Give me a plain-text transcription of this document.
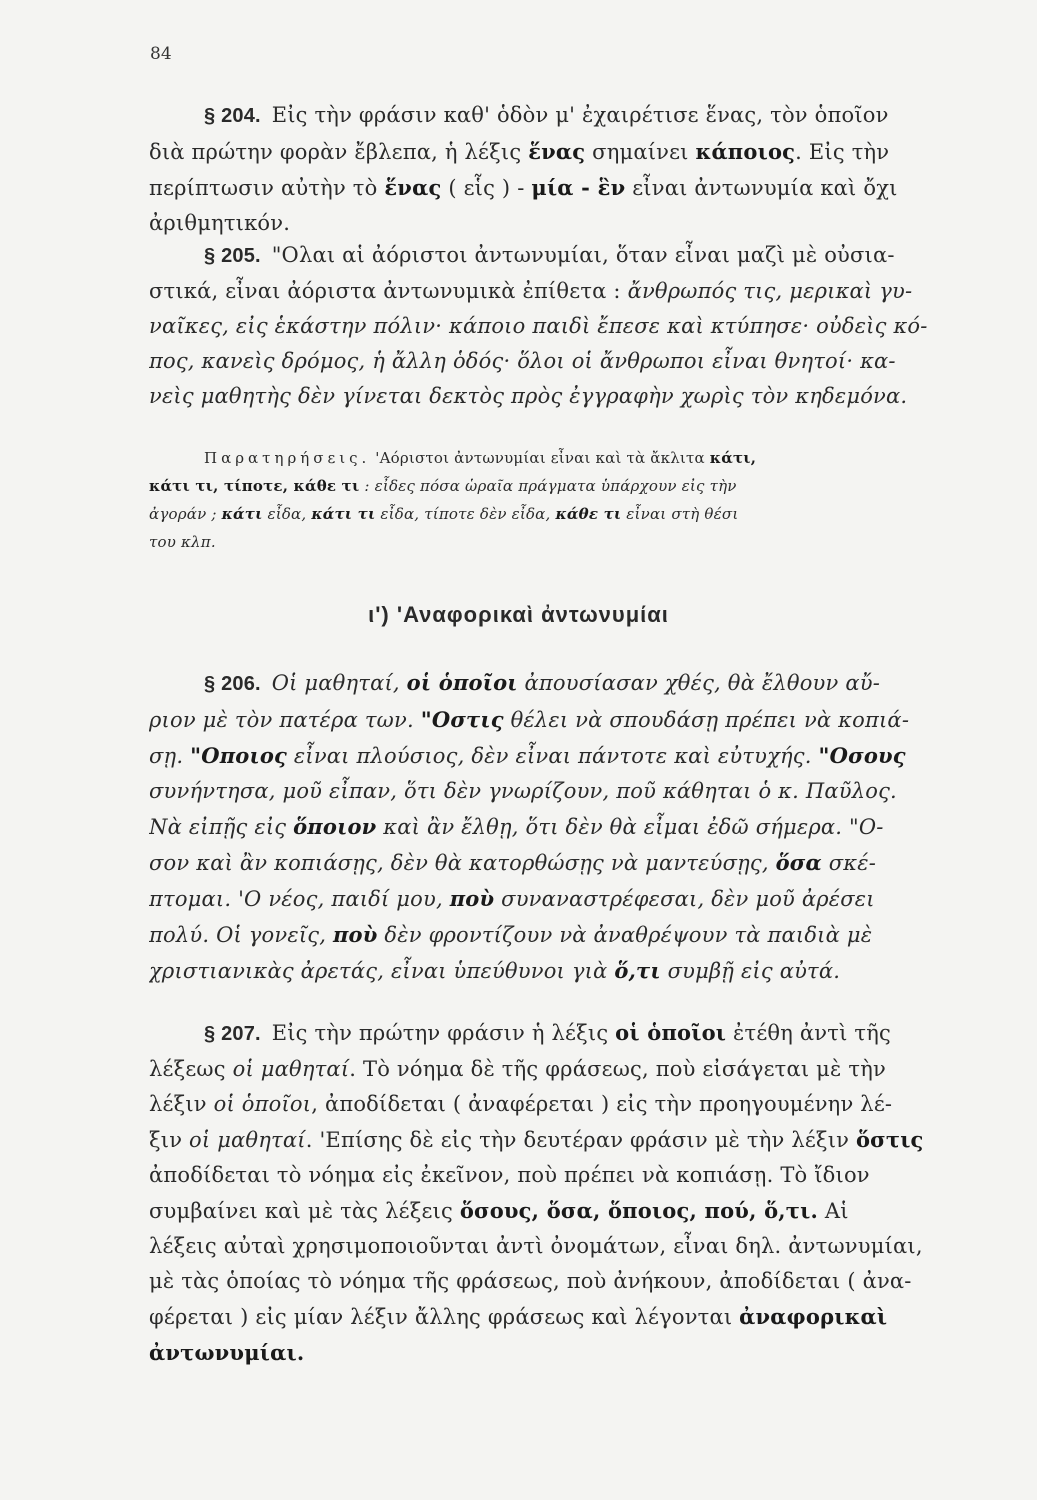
84
§ 204. Εἰς τὴν φράσιν καθ' ὁδὸν μ' ἐχαιρέτισε ἕνας, τὸν ὁποῖον
διὰ πρώτην φορὰν ἔβλεπα, ἡ λέξις ἕνας σημαίνει κάποιος. Εἰς τὴν
περίπτωσιν αὐτὴν τὸ ἕνας ( εἷς ) - μία - ἓν εἶναι ἀντωνυμία καὶ ὄχι
ἀριθμητικόν.
§ 205. "Ολαι αἱ ἀόριστοι ἀντωνυμίαι, ὅταν εἶναι μαζὶ μὲ οὐσια-
στικά, εἶναι ἀόριστα ἀντωνυμικὰ ἐπίθετα : ἄνθρωπός τις, μερικαὶ γυ-
ναῖκες, εἰς ἑκάστην πόλιν· κάποιο παιδὶ ἔπεσε καὶ κτύπησε· οὐδεὶς κό-
πος, κανεὶς δρόμος, ἡ ἄλλη ὁδός· ὅλοι οἱ ἄνθρωποι εἶναι θνητοί· κα-
νεὶς μαθητὴς δὲν γίνεται δεκτὸς πρὸς ἐγγραφὴν χωρὶς τὸν κηδεμόνα.
Παρατηρήσεις. 'Αόριστοι ἀντωνυμίαι εἶναι καὶ τὰ ἄκλιτα κάτι,
κάτι τι, τίποτε, κάθε τι : εἶδες πόσα ὡραῖα πράγματα ὑπάρχουν εἰς τὴν
ἀγοράν ; κάτι εἶδα, κάτι τι εἶδα, τίποτε δὲν εἶδα, κάθε τι εἶναι στὴ θέσι
του κλπ.
ι') 'Αναφορικαὶ ἀντωνυμίαι
§ 206. Οἱ μαθηταί, οἱ ὁποῖοι ἀπουσίασαν χθές, θὰ ἔλθουν αὔ-
ριον μὲ τὸν πατέρα των. "Οστις θέλει νὰ σπουδάσῃ πρέπει νὰ κοπιά-
σῃ. "Οποιος εἶναι πλούσιος, δὲν εἶναι πάντοτε καὶ εὐτυχής. "Οσους
συνήντησα, μοῦ εἶπαν, ὅτι δὲν γνωρίζουν, ποῦ κάθηται ὁ κ. Παῦλος.
Νὰ εἰπῇς εἰς ὅποιον καὶ ἂν ἔλθῃ, ὅτι δὲν θὰ εἶμαι ἐδῶ σήμερα. "Ο-
σον καὶ ἂν κοπιάσῃς, δὲν θὰ κατορθώσῃς νὰ μαντεύσῃς, ὅσα σκέ-
πτομαι. 'Ο νέος, παιδί μου, ποὺ συναναστρέφεσαι, δὲν μοῦ ἀρέσει
πολύ. Οἱ γονεῖς, ποὺ δὲν φροντίζουν νὰ ἀναθρέψουν τὰ παιδιὰ μὲ
χριστιανικὰς ἀρετάς, εἶναι ὑπεύθυνοι γιὰ ὅ,τι συμβῇ εἰς αὐτά.
§ 207. Εἰς τὴν πρώτην φράσιν ἡ λέξις οἱ ὁποῖοι ἐτέθη ἀντὶ τῆς
λέξεως οἱ μαθηταί. Τὸ νόημα δὲ τῆς φράσεως, ποὺ εἰσάγεται μὲ τὴν
λέξιν οἱ ὁποῖοι, ἀποδίδεται ( ἀναφέρεται ) εἰς τὴν προηγουμένην λέ-
ξιν οἱ μαθηταί. 'Επίσης δὲ εἰς τὴν δευτέραν φράσιν μὲ τὴν λέξιν ὅστις
ἀποδίδεται τὸ νόημα εἰς ἐκεῖνον, ποὺ πρέπει νὰ κοπιάσῃ. Τὸ ἴδιον
συμβαίνει καὶ μὲ τὰς λέξεις ὅσους, ὅσα, ὅποιος, πού, ὅ,τι. Αἱ
λέξεις αὐταὶ χρησιμοποιοῦνται ἀντὶ ὀνομάτων, εἶναι δηλ. ἀντωνυμίαι,
μὲ τὰς ὁποίας τὸ νόημα τῆς φράσεως, ποὺ ἀνήκουν, ἀποδίδεται ( ἀνα-
φέρεται ) εἰς μίαν λέξιν ἄλλης φράσεως καὶ λέγονται ἀναφορικαὶ
ἀντωνυμίαι.
